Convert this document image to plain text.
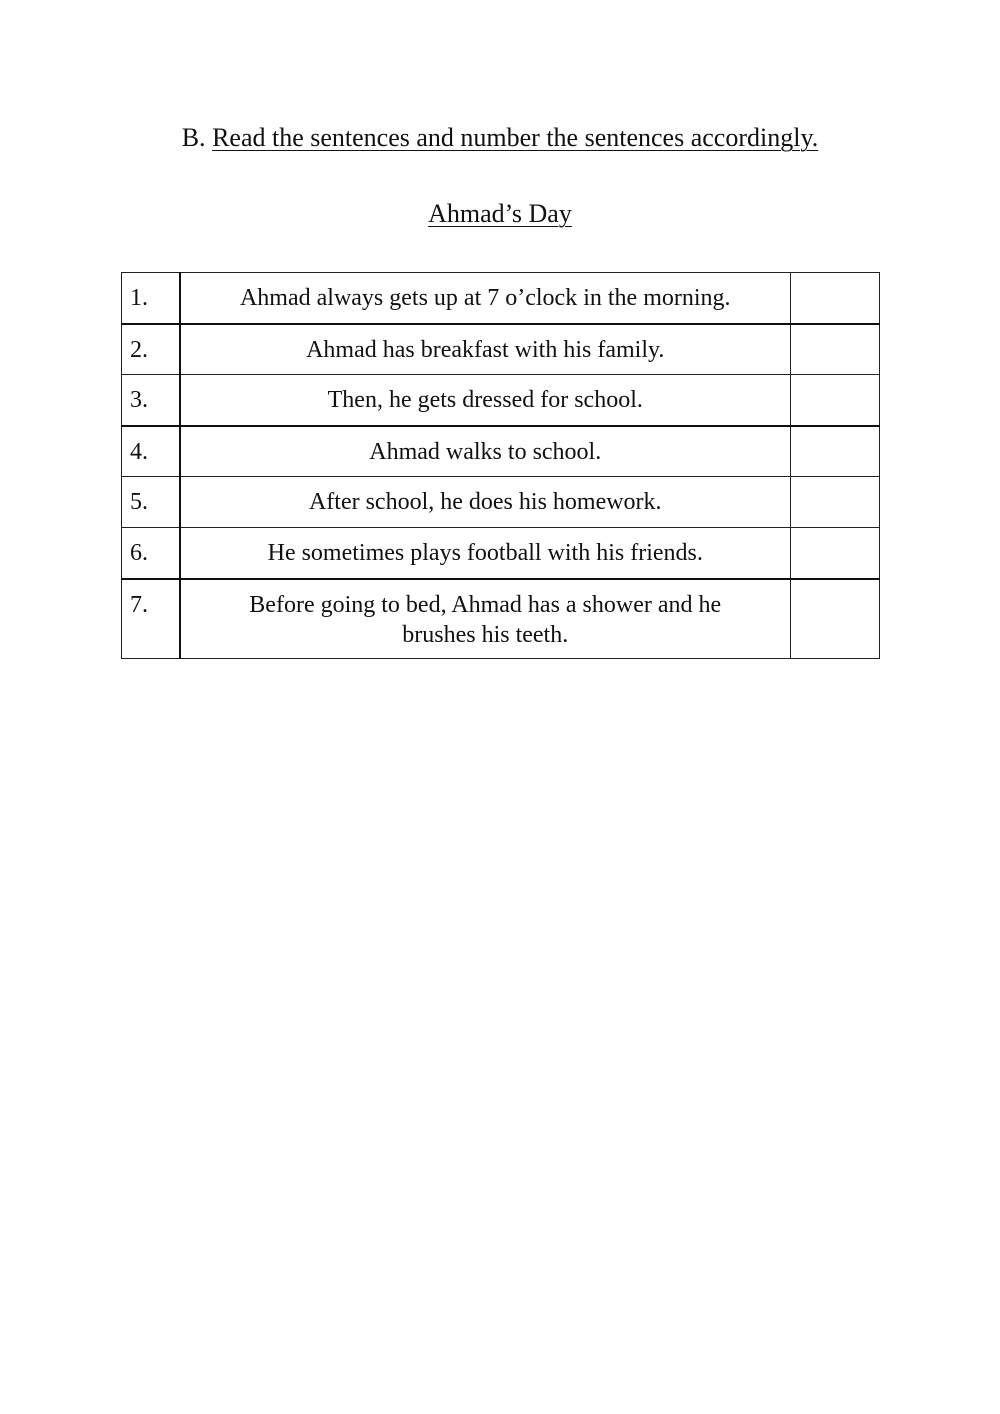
B. Read the sentences and number the sentences accordingly.
Ahmad’s Day
1.	Ahmad always gets up at 7 o’clock in the morning.	
2.	Ahmad has breakfast with his family.	
3.	Then, he gets dressed for school.	
4.	Ahmad walks to school.	
5.	After school, he does his homework.	
6.	He sometimes plays football with his friends.	
7.	Before going to bed, Ahmad has a shower and he brushes his teeth.	
